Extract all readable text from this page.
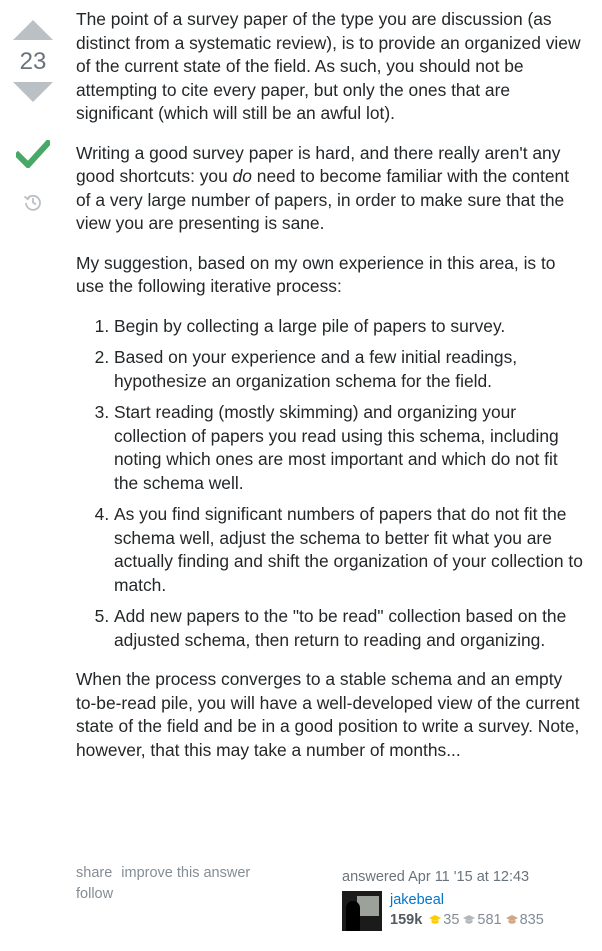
23

The point of a survey paper of the type you are discussion (as distinct from a systematic review), is to provide an organized view of the current state of the field. As such, you should not be attempting to cite every paper, but only the ones that are significant (which will still be an awful lot).

Writing a good survey paper is hard, and there really aren't any good shortcuts: you do need to become familiar with the content of a very large number of papers, in order to make sure that the view you are presenting is sane.

My suggestion, based on my own experience in this area, is to use the following iterative process:

1. Begin by collecting a large pile of papers to survey.
2. Based on your experience and a few initial readings, hypothesize an organization schema for the field.
3. Start reading (mostly skimming) and organizing your collection of papers you read using this schema, including noting which ones are most important and which do not fit the schema well.
4. As you find significant numbers of papers that do not fit the schema well, adjust the schema to better fit what you are actually finding and shift the organization of your collection to match.
5. Add new papers to the "to be read" collection based on the adjusted schema, then return to reading and organizing.

When the process converges to a stable schema and an empty to-be-read pile, you will have a well-developed view of the current state of the field and be in a good position to write a survey. Note, however, that this may take a number of months...

share improve this answer
follow
answered Apr 11 '15 at 12:43
jakebeal
159k 35 581 835
